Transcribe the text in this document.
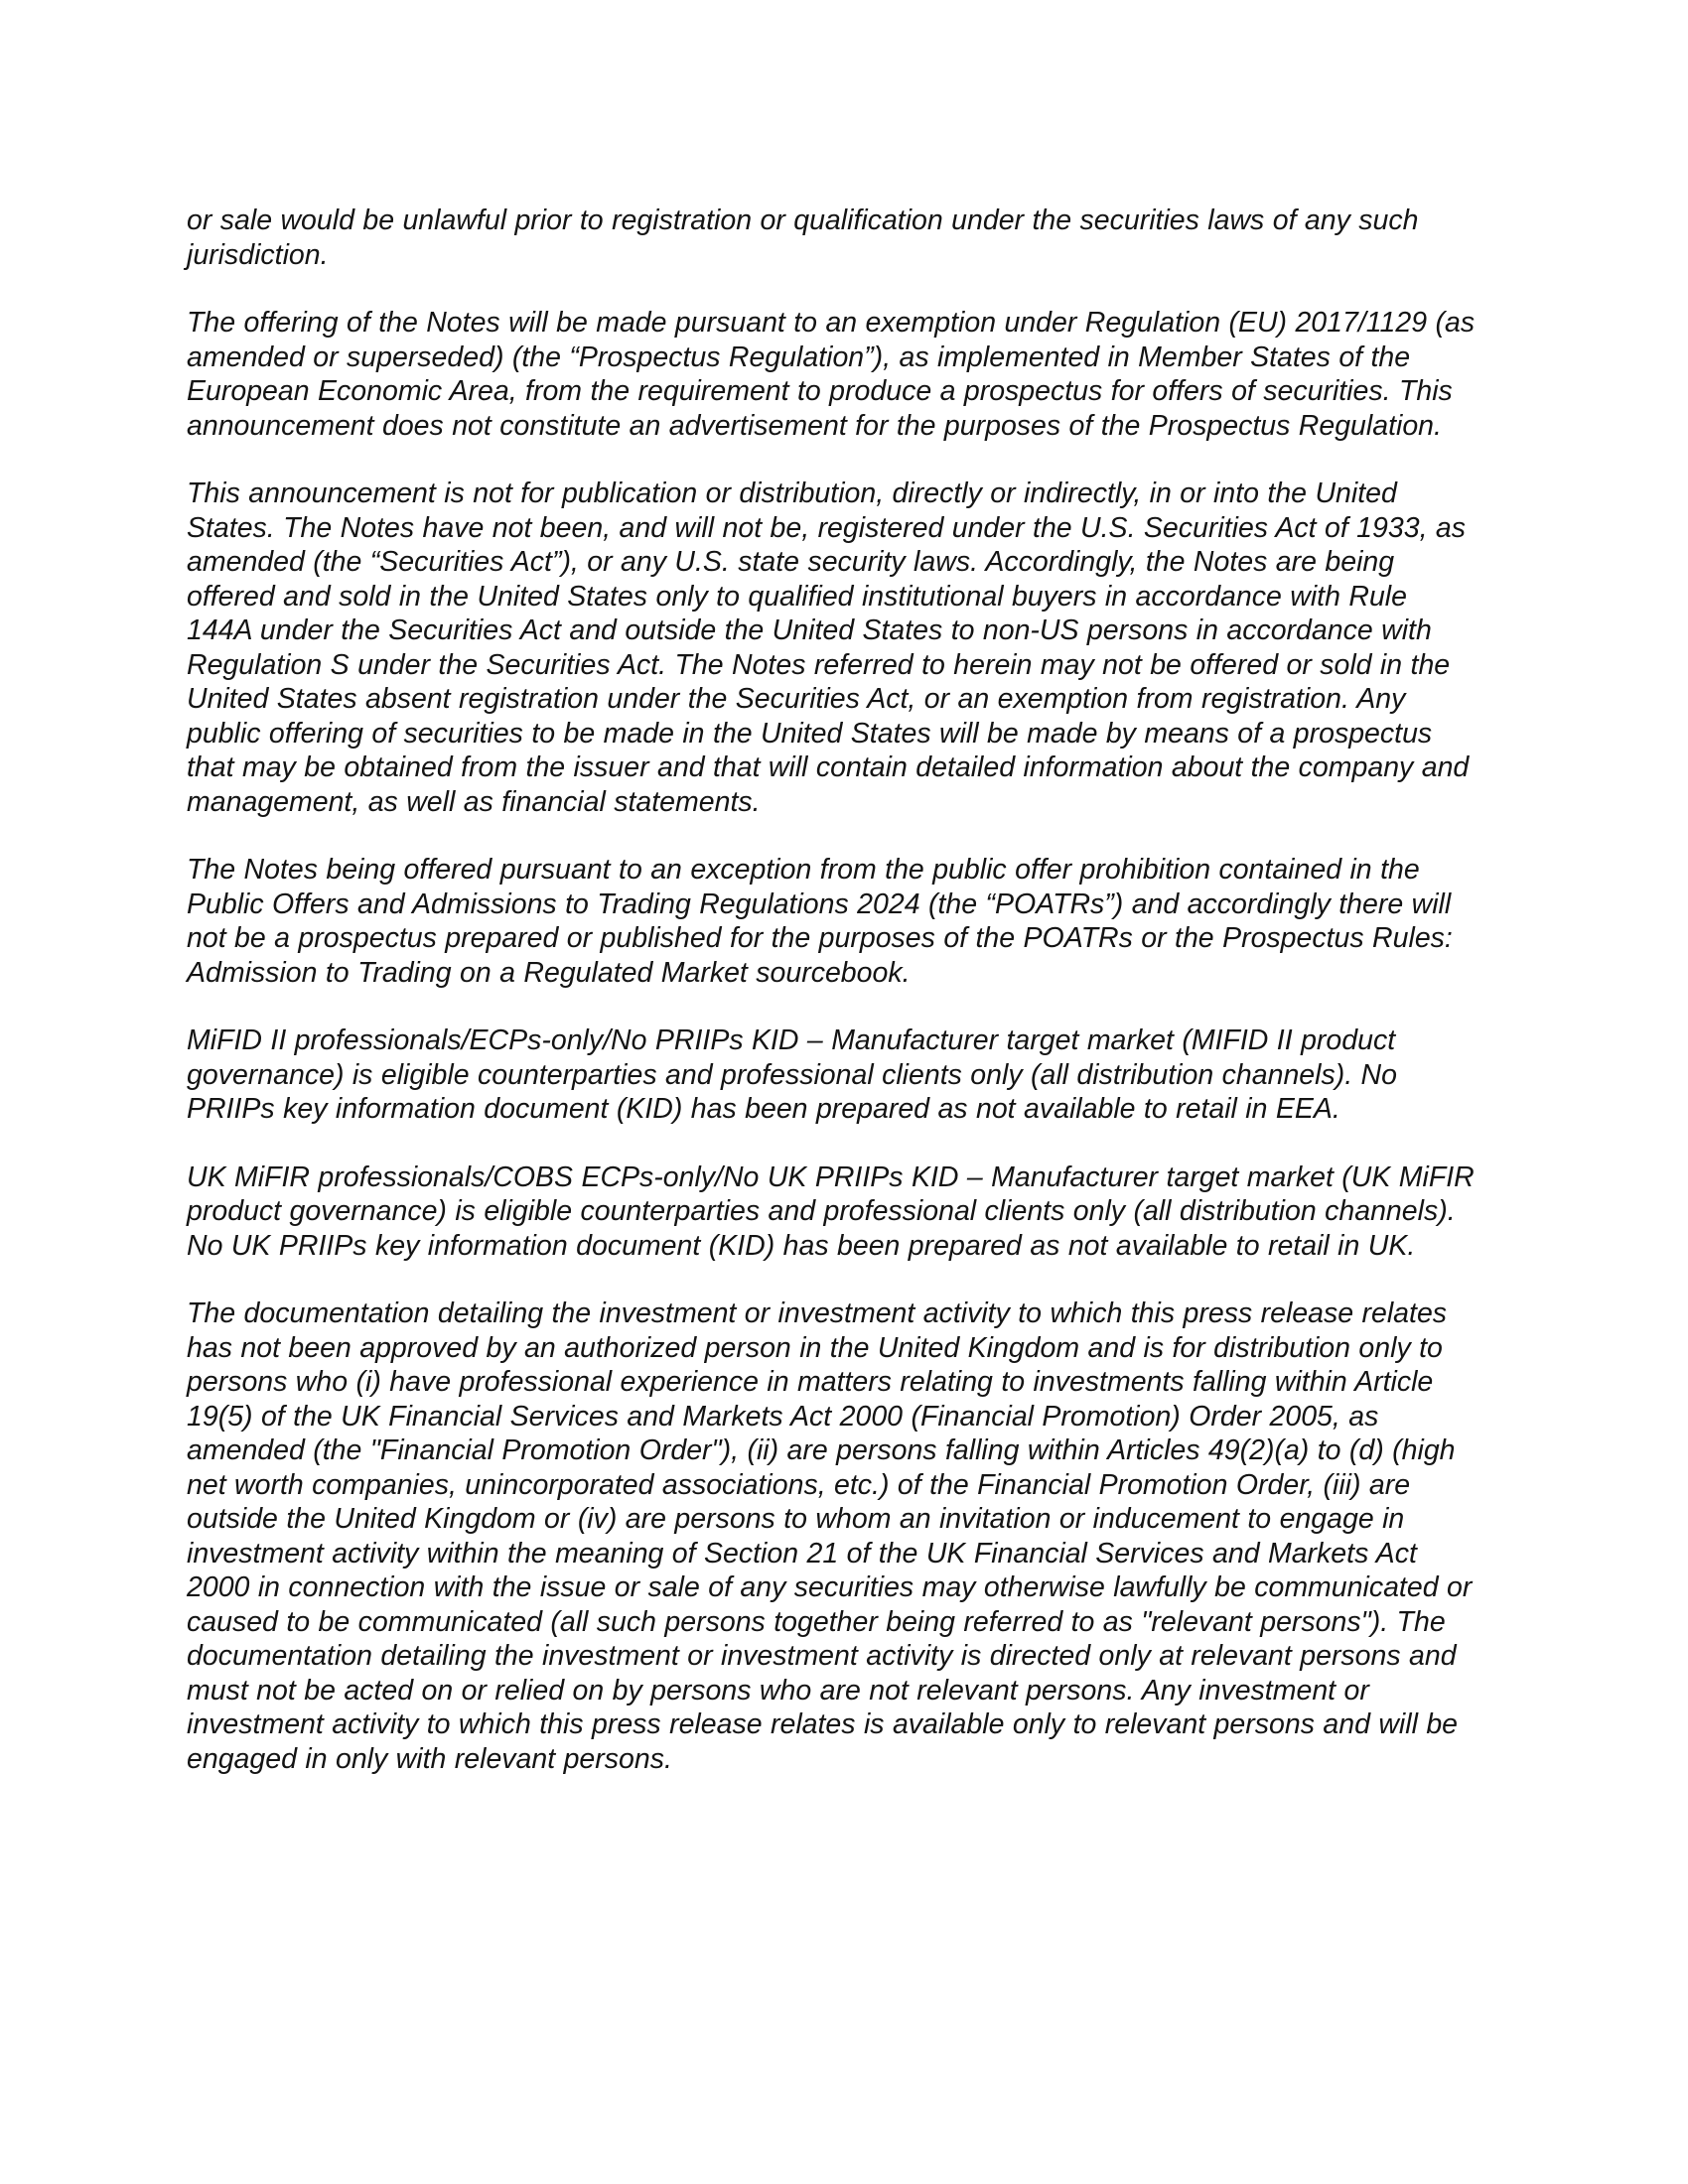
or sale would be unlawful prior to registration or qualification under the securities laws of any such jurisdiction.

The offering of the Notes will be made pursuant to an exemption under Regulation (EU) 2017/1129 (as amended or superseded) (the “Prospectus Regulation”), as implemented in Member States of the European Economic Area, from the requirement to produce a prospectus for offers of securities. This announcement does not constitute an advertisement for the purposes of the Prospectus Regulation.

This announcement is not for publication or distribution, directly or indirectly, in or into the United States. The Notes have not been, and will not be, registered under the U.S. Securities Act of 1933, as amended (the “Securities Act”), or any U.S. state security laws. Accordingly, the Notes are being offered and sold in the United States only to qualified institutional buyers in accordance with Rule 144A under the Securities Act and outside the United States to non-US persons in accordance with Regulation S under the Securities Act. The Notes referred to herein may not be offered or sold in the United States absent registration under the Securities Act, or an exemption from registration. Any public offering of securities to be made in the United States will be made by means of a prospectus that may be obtained from the issuer and that will contain detailed information about the company and management, as well as financial statements.

The Notes being offered pursuant to an exception from the public offer prohibition contained in the Public Offers and Admissions to Trading Regulations 2024 (the “POATRs”) and accordingly there will not be a prospectus prepared or published for the purposes of the POATRs or the Prospectus Rules: Admission to Trading on a Regulated Market sourcebook.

MiFID II professionals/ECPs-only/No PRIIPs KID – Manufacturer target market (MIFID II product governance) is eligible counterparties and professional clients only (all distribution channels). No PRIIPs key information document (KID) has been prepared as not available to retail in EEA.

UK MiFIR professionals/COBS ECPs-only/No UK PRIIPs KID – Manufacturer target market (UK MiFIR product governance) is eligible counterparties and professional clients only (all distribution channels). No UK PRIIPs key information document (KID) has been prepared as not available to retail in UK.

The documentation detailing the investment or investment activity to which this press release relates has not been approved by an authorized person in the United Kingdom and is for distribution only to persons who (i) have professional experience in matters relating to investments falling within Article 19(5) of the UK Financial Services and Markets Act 2000 (Financial Promotion) Order 2005, as amended (the "Financial Promotion Order"), (ii) are persons falling within Articles 49(2)(a) to (d) (high net worth companies, unincorporated associations, etc.) of the Financial Promotion Order, (iii) are outside the United Kingdom or (iv) are persons to whom an invitation or inducement to engage in investment activity within the meaning of Section 21 of the UK Financial Services and Markets Act 2000 in connection with the issue or sale of any securities may otherwise lawfully be communicated or caused to be communicated (all such persons together being referred to as "relevant persons"). The documentation detailing the investment or investment activity is directed only at relevant persons and must not be acted on or relied on by persons who are not relevant persons. Any investment or investment activity to which this press release relates is available only to relevant persons and will be engaged in only with relevant persons.
